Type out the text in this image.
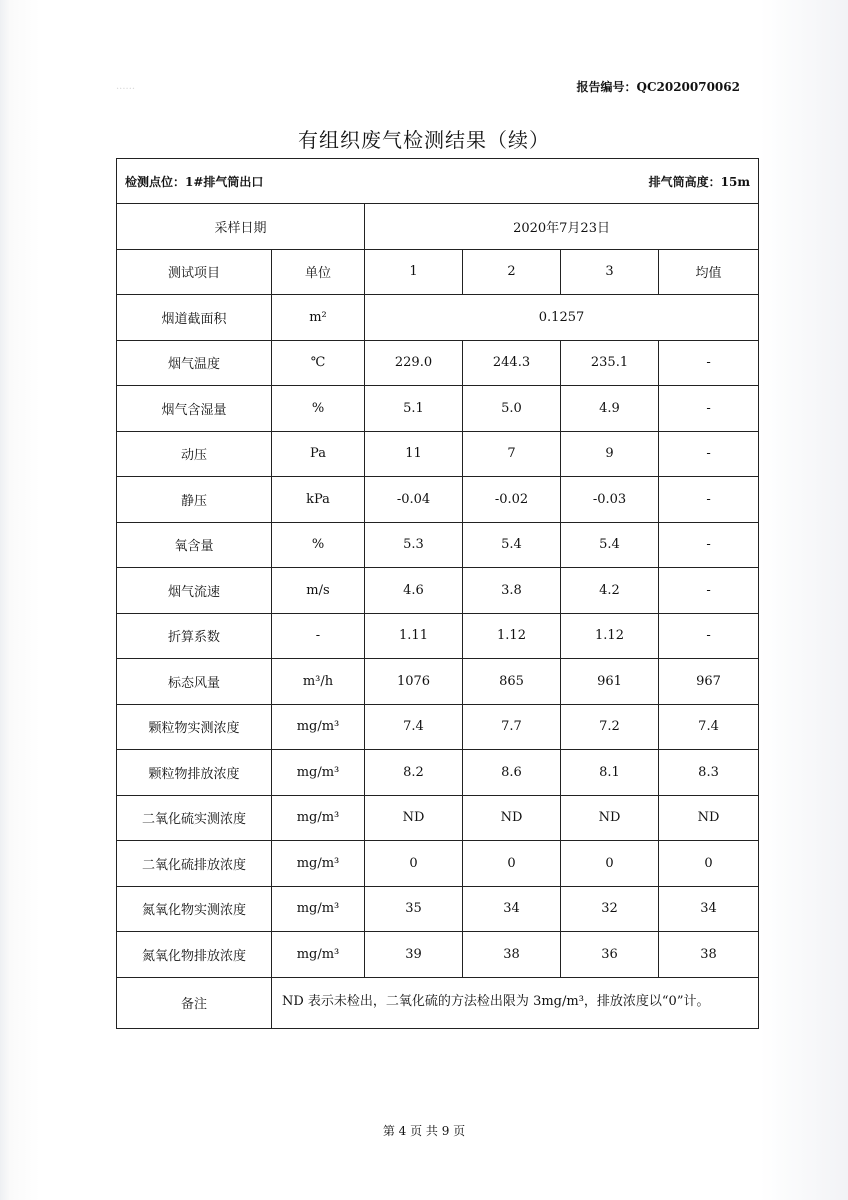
······	报告编号：QC2020070062
有组织废气检测结果（续）
检测点位：1#排气筒出口			排气筒高度：15m		
采样日期		2020年7月23日			
测试项目	单位	1	2	3	均值
烟道截面积	m²	0.1257			
烟气温度	℃	229.0	244.3	235.1	-
烟气含湿量	%	5.1	5.0	4.9	-
动压	Pa	11	7	9	-
静压	kPa	-0.04	-0.02	-0.03	-
氧含量	%	5.3	5.4	5.4	-
烟气流速	m/s	4.6	3.8	4.2	-
折算系数	-	1.11	1.12	1.12	-
标态风量	m³/h	1076	865	961	967
颗粒物实测浓度	mg/m³	7.4	7.7	7.2	7.4
颗粒物排放浓度	mg/m³	8.2	8.6	8.1	8.3
二氧化硫实测浓度	mg/m³	ND	ND	ND	ND
二氧化硫排放浓度	mg/m³	0	0	0	0
氮氧化物实测浓度	mg/m³	35	34	32	34
氮氧化物排放浓度	mg/m³	39	38	36	38
备注	ND 表示未检出，二氧化硫的方法检出限为 3mg/m³，排放浓度以“0”计。				
第 4 页 共 9 页
